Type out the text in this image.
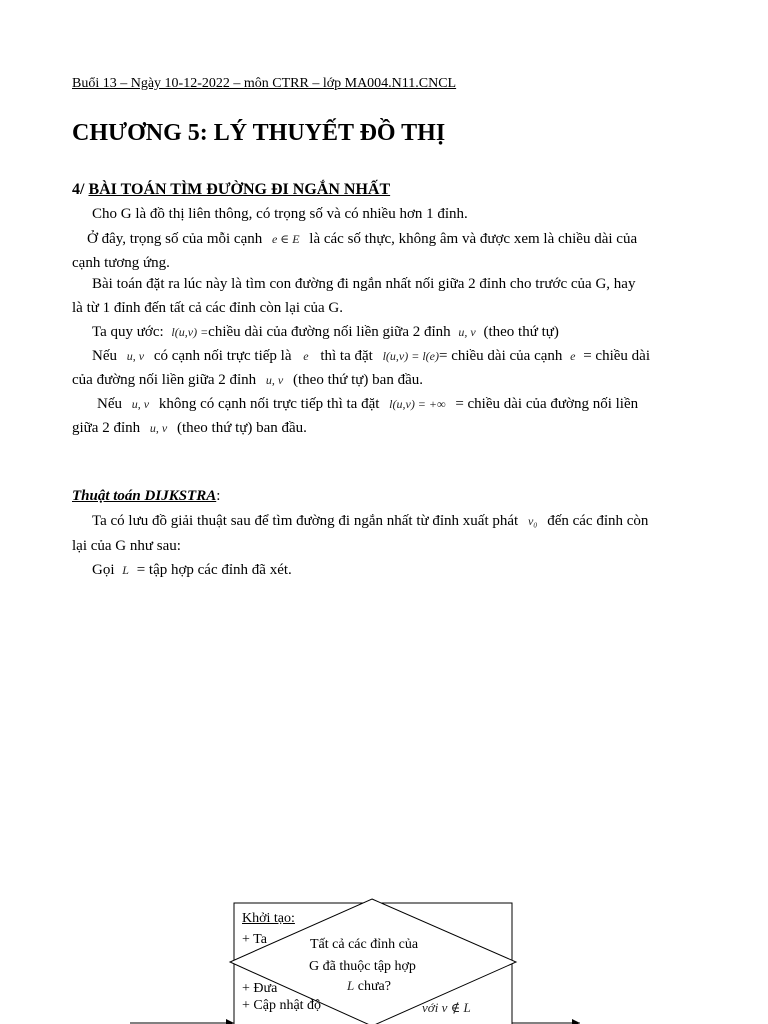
Buổi 13 – Ngày 10-12-2022 – môn CTRR – lớp MA004.N11.CNCL
CHƯƠNG 5: LÝ THUYẾT ĐỒ THỊ
4/ BÀI TOÁN TÌM ĐƯỜNG ĐI NGẮN NHẤT
Cho G là đồ thị liên thông, có trọng số và có nhiều hơn 1 đỉnh.
Ở đây, trọng số của mỗi cạnh e ∈ E là các số thực, không âm và được xem là chiều dài của
cạnh tương ứng.
Bài toán đặt ra lúc này là tìm con đường đi ngắn nhất nối giữa 2 đỉnh cho trước của G, hay
là từ 1 đỉnh đến tất cả các đỉnh còn lại của G.
Ta quy ước: l(u,v) =chiều dài của đường nối liền giữa 2 đỉnh u, v (theo thứ tự)
Nếu u, v có cạnh nối trực tiếp là e thì ta đặt l(u,v) = l(e)= chiều dài của cạnh e = chiều dài
của đường nối liền giữa 2 đỉnh u, v (theo thứ tự) ban đầu.
Nếu u, v không có cạnh nối trực tiếp thì ta đặt l(u,v) = +∞ = chiều dài của đường nối liền
giữa 2 đỉnh u, v (theo thứ tự) ban đầu.
Thuật toán DIJKSTRA:
Ta có lưu đồ giải thuật sau để tìm đường đi ngắn nhất từ đỉnh xuất phát v₀ đến các đỉnh còn
lại của G như sau:
Gọi L = tập hợp các đỉnh đã xét.
Khởi tạo:
+ Ta
+ Đưa
+ Cập nhật độ	với v ∉ L
Tất cả các đỉnh của
G đã thuộc tập hợp
L chưa?
